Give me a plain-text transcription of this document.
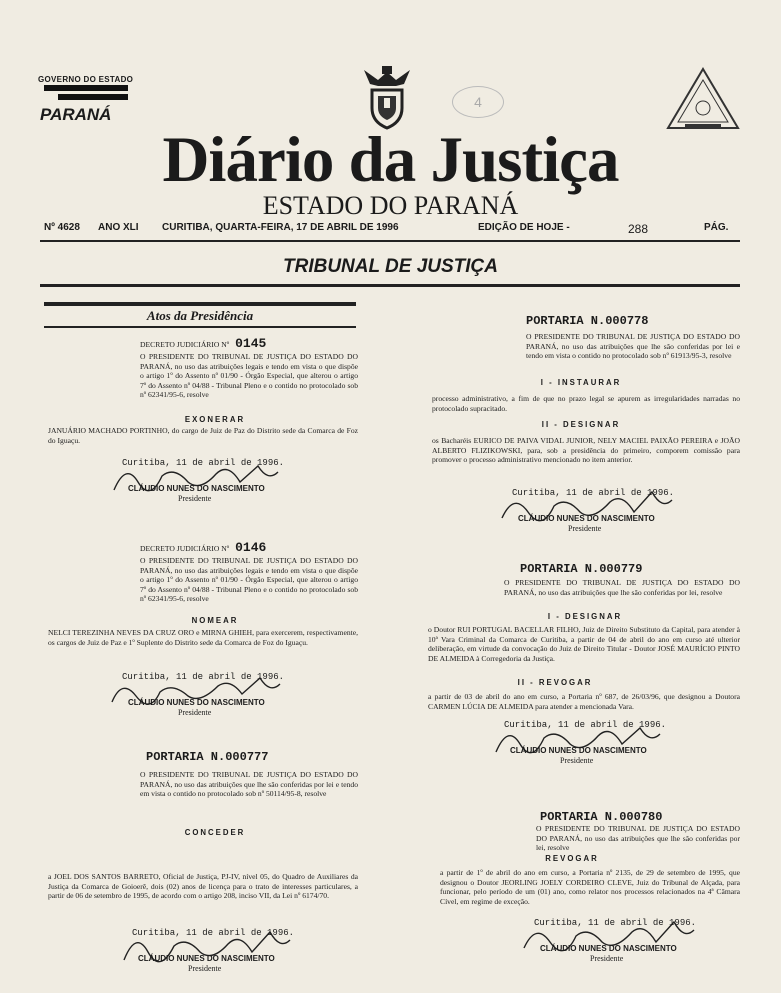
GOVERNO DO ESTADO
PARANÁ
4
Diário da Justiça
ESTADO DO PARANÁ
Nº 4628 ANO XLI CURITIBA, QUARTA-FEIRA, 17 DE ABRIL DE 1996	EDIÇÃO DE HOJE -	288	PÁG.
TRIBUNAL DE JUSTIÇA
Atos da Presidência
DECRETO JUDICIÁRIO Nº 0145
O PRESIDENTE DO TRIBUNAL DE JUSTIÇA DO ESTADO DO PARANÁ, no uso das atribuições legais e tendo em vista o que dispõe o artigo 1º do Assento nº 01/90 - Órgão Especial, que alterou o artigo 7º do Assento nº 04/88 - Tribunal Pleno e o contido no protocolado sob nº 62341/95-6, resolve
EXONERAR
JANUÁRIO MACHADO PORTINHO, do cargo de Juiz de Paz do Distrito sede da Comarca de Foz do Iguaçu.
Curitiba, 11 de abril de 1996.
CLÁUDIO NUNES DO NASCIMENTO
Presidente
DECRETO JUDICIÁRIO Nº 0146
O PRESIDENTE DO TRIBUNAL DE JUSTIÇA DO ESTADO DO PARANÁ, no uso das atribuições legais e tendo em vista o que dispõe o artigo 1º do Assento nº 01/90 - Órgão Especial, que alterou o artigo 7º do Assento nº 04/88 - Tribunal Pleno e o contido no protocolado sob nº 62341/95-6, resolve
NOMEAR
NELCI TEREZINHA NEVES DA CRUZ ORO e MIRNA GHIEH, para exercerem, respectivamente, os cargos de Juiz de Paz e 1º Suplente do Distrito sede da Comarca de Foz do Iguaçu.
Curitiba, 11 de abril de 1996.
CLÁUDIO NUNES DO NASCIMENTO
Presidente
PORTARIA N.000777
O PRESIDENTE DO TRIBUNAL DE JUSTIÇA DO ESTADO DO PARANÁ, no uso das atribuições que lhe são conferidas por lei e tendo em vista o contido no protocolado sob nº 50114/95-8, resolve
CONCEDER
a JOEL DOS SANTOS BARRETO, Oficial de Justiça, PJ-IV, nível 05, do Quadro de Auxiliares da Justiça da Comarca de Goioerê, dois (02) anos de licença para o trato de interesses particulares, a partir de 06 de setembro de 1995, de acordo com o artigo 208, inciso VII, da Lei nº 6174/70.
Curitiba, 11 de abril de 1996.
CLÁUDIO NUNES DO NASCIMENTO
Presidente
PORTARIA N.000778
O PRESIDENTE DO TRIBUNAL DE JUSTIÇA DO ESTADO DO PARANÁ, no uso das atribuições que lhe são conferidas por lei e tendo em vista o contido no protocolado sob nº 61913/95-3, resolve
I - INSTAURAR
processo administrativo, a fim de que no prazo legal se apurem as irregularidades narradas no protocolado supracitado.
II - DESIGNAR
os Bacharéis EURICO DE PAIVA VIDAL JUNIOR, NELY MACIEL PAIXÃO PEREIRA e JOÃO ALBERTO FLIZIKOWSKI, para, sob a presidência do primeiro, comporem comissão para promover o processo administrativo mencionado no item anterior.
Curitiba, 11 de abril de 1996.
CLÁUDIO NUNES DO NASCIMENTO
Presidente
PORTARIA N.000779
O PRESIDENTE DO TRIBUNAL DE JUSTIÇA DO ESTADO DO PARANÁ, no uso das atribuições que lhe são conferidas por lei, resolve
I - DESIGNAR
o Doutor RUI PORTUGAL BACELLAR FILHO, Juiz de Direito Substituto da Capital, para atender à 10ª Vara Criminal da Comarca de Curitiba, a partir de 04 de abril do ano em curso até ulterior deliberação, em virtude da convocação do Juiz de Direito Titular - Doutor JOSÉ MAURÍCIO PINTO DE ALMEIDA à Corregedoria da Justiça.
II - REVOGAR
a partir de 03 de abril do ano em curso, a Portaria nº 687, de 26/03/96, que designou a Doutora CARMEN LÚCIA DE ALMEIDA para atender a mencionada Vara.
Curitiba, 11 de abril de 1996.
CLÁUDIO NUNES DO NASCIMENTO
Presidente
PORTARIA N.000780
O PRESIDENTE DO TRIBUNAL DE JUSTIÇA DO ESTADO DO PARANÁ, no uso das atribuições que lhe são conferidas por lei, resolve
REVOGAR
a partir de 1º de abril do ano em curso, a Portaria nº 2135, de 29 de setembro de 1995, que designou o Doutor JEORLING JOELY CORDEIRO CLEVE, Juiz do Tribunal de Alçada, para funcionar, pelo período de um (01) ano, como relator nos processos relacionados na 4ª Câmara Cível, em regime de exceção.
Curitiba, 11 de abril de 1996.
CLÁUDIO NUNES DO NASCIMENTO
Presidente
